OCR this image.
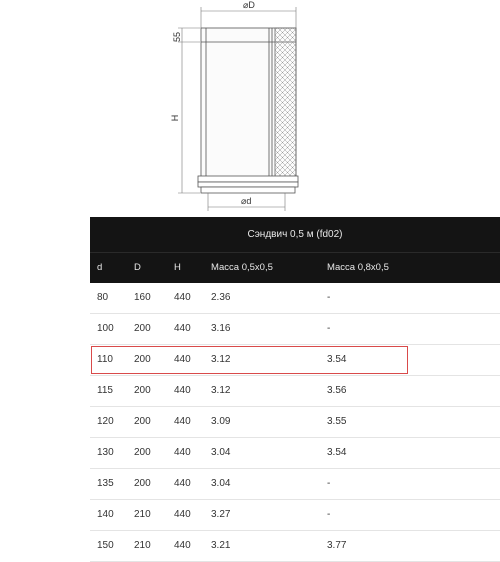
⌀D
55
H
⌀d
Сэндвич 0,5 м (fd02)
d	D	H	Масса 0,5х0,5	Масса 0,8х0,5
80	160 440 2.36	-
100 200 440 3.16	-
110 200 440 3.12	3.54
115 200 440 3.12	3.56
120 200 440 3.09	3.55
130 200 440 3.04	3.54
135 200 440 3.04	-
140 210 440 3.27	-
150 210 440 3.21	3.77
